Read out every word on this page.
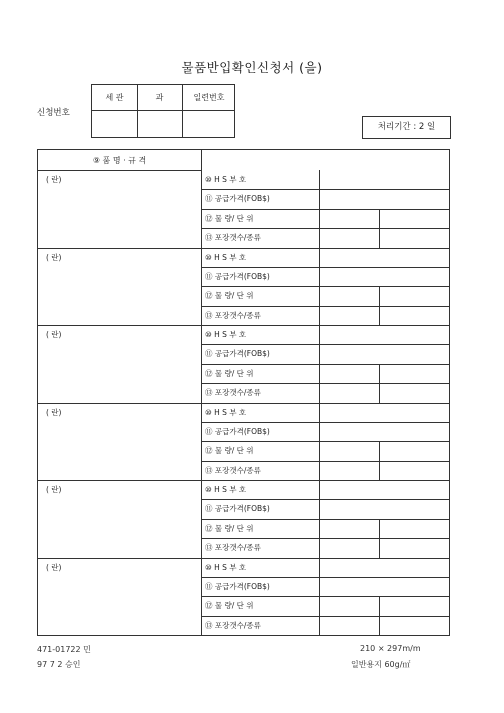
물품반입확인신청서 (을)
신청번호
세 관	과	일련번호
처리기간 : 2 일
⑨ 품 명 · 규 격
( 란)	⑩ H S 부 호
⑪ 공급가격(FOB$)
⑫ 물 량/ 단 위
⑬ 포장갯수/종류
( 란)	⑩ H S 부 호
⑪ 공급가격(FOB$)
⑫ 물 량/ 단 위
⑬ 포장갯수/종류
( 란)	⑩ H S 부 호
⑪ 공급가격(FOB$)
⑫ 물 량/ 단 위
⑬ 포장갯수/종류
( 란)	⑩ H S 부 호
⑪ 공급가격(FOB$)
⑫ 물 량/ 단 위
⑬ 포장갯수/종류
( 란)	⑩ H S 부 호
⑪ 공급가격(FOB$)
⑫ 물 량/ 단 위
⑬ 포장갯수/종류
( 란)	⑩ H S 부 호
⑪ 공급가격(FOB$)
⑫ 물 량/ 단 위
⑬ 포장갯수/종류
471-01722 민
97 7 2 승인
210 × 297m/m
일반용지 60g/㎡
